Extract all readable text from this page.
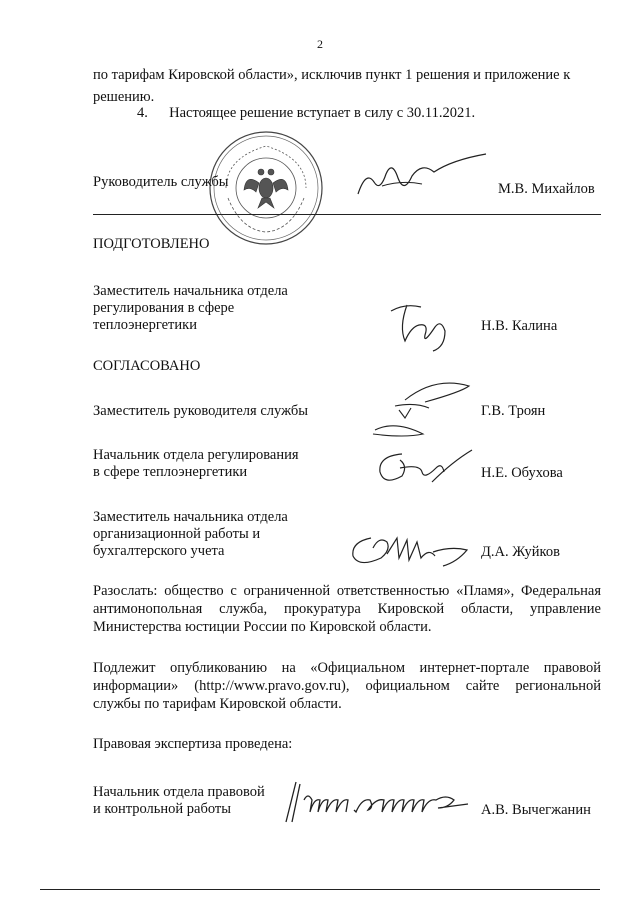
2
по тарифам Кировской области», исключив пункт 1 решения и приложение к решению.
4. Настоящее решение вступает в силу с 30.11.2021.
Руководитель службы	М.В. Михайлов
ПОДГОТОВЛЕНО
Заместитель начальника отдела
регулирования в сфере
теплоэнергетики	Н.В. Калина
СОГЛАСОВАНО
Заместитель руководителя службы	Г.В. Троян
Начальник отдела регулирования
в сфере теплоэнергетики	Н.Е. Обухова
Заместитель начальника отдела
организационной работы и
бухгалтерского учета	Д.А. Жуйков
Разослать: общество с ограниченной ответственностью «Пламя», Федеральная антимонопольная служба, прокуратура Кировской области, управление Министерства юстиции России по Кировской области.
Подлежит опубликованию на «Официальном интернет-портале правовой информации» (http://www.pravo.gov.ru), официальном сайте региональной службы по тарифам Кировской области.
Правовая экспертиза проведена:
Начальник отдела правовой
и контрольной работы	А.В. Вычегжанин
